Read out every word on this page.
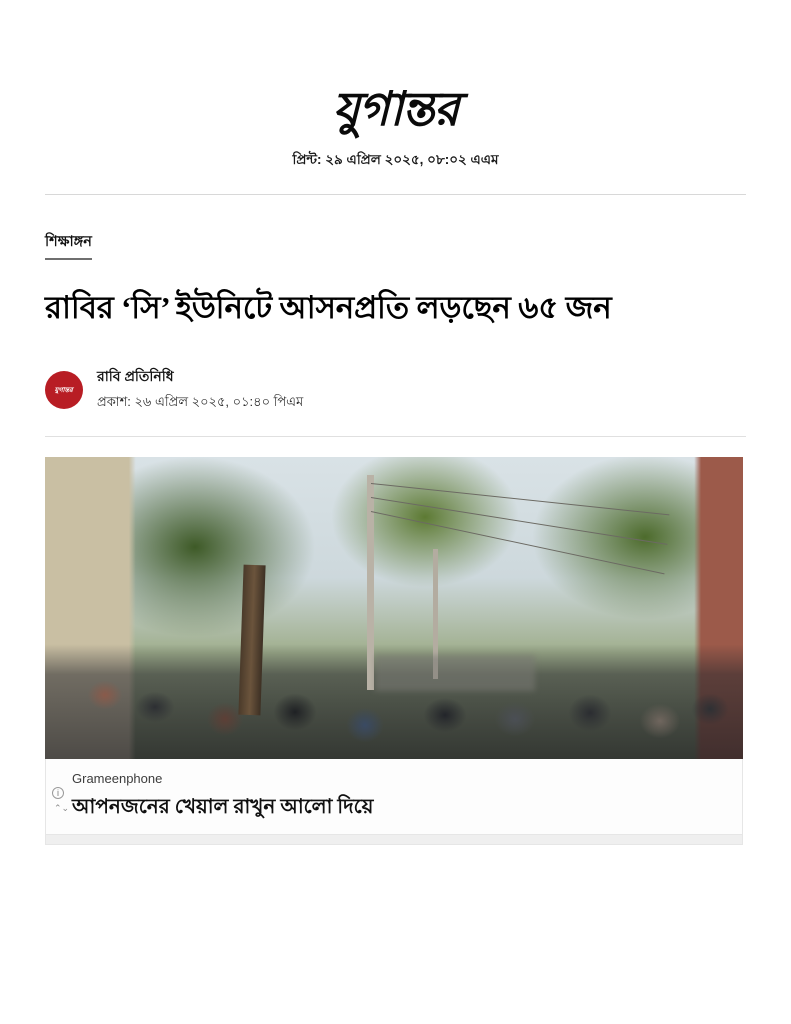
যুগান্তর
প্রিন্ট: ২৯ এপ্রিল ২০২৫, ০৮:০২ এএম
শিক্ষাঙ্গন
রাবির ‘সি’ ইউনিটে আসনপ্রতি লড়ছেন ৬৫ জন
যুগান্তর
রাবি প্রতিনিধি
প্রকাশ: ২৬ এপ্রিল ২০২৫, ০১:৪০ পিএম
i
⌃⌄
Grameenphone
আপনজনের খেয়াল রাখুন আলো দিয়ে
